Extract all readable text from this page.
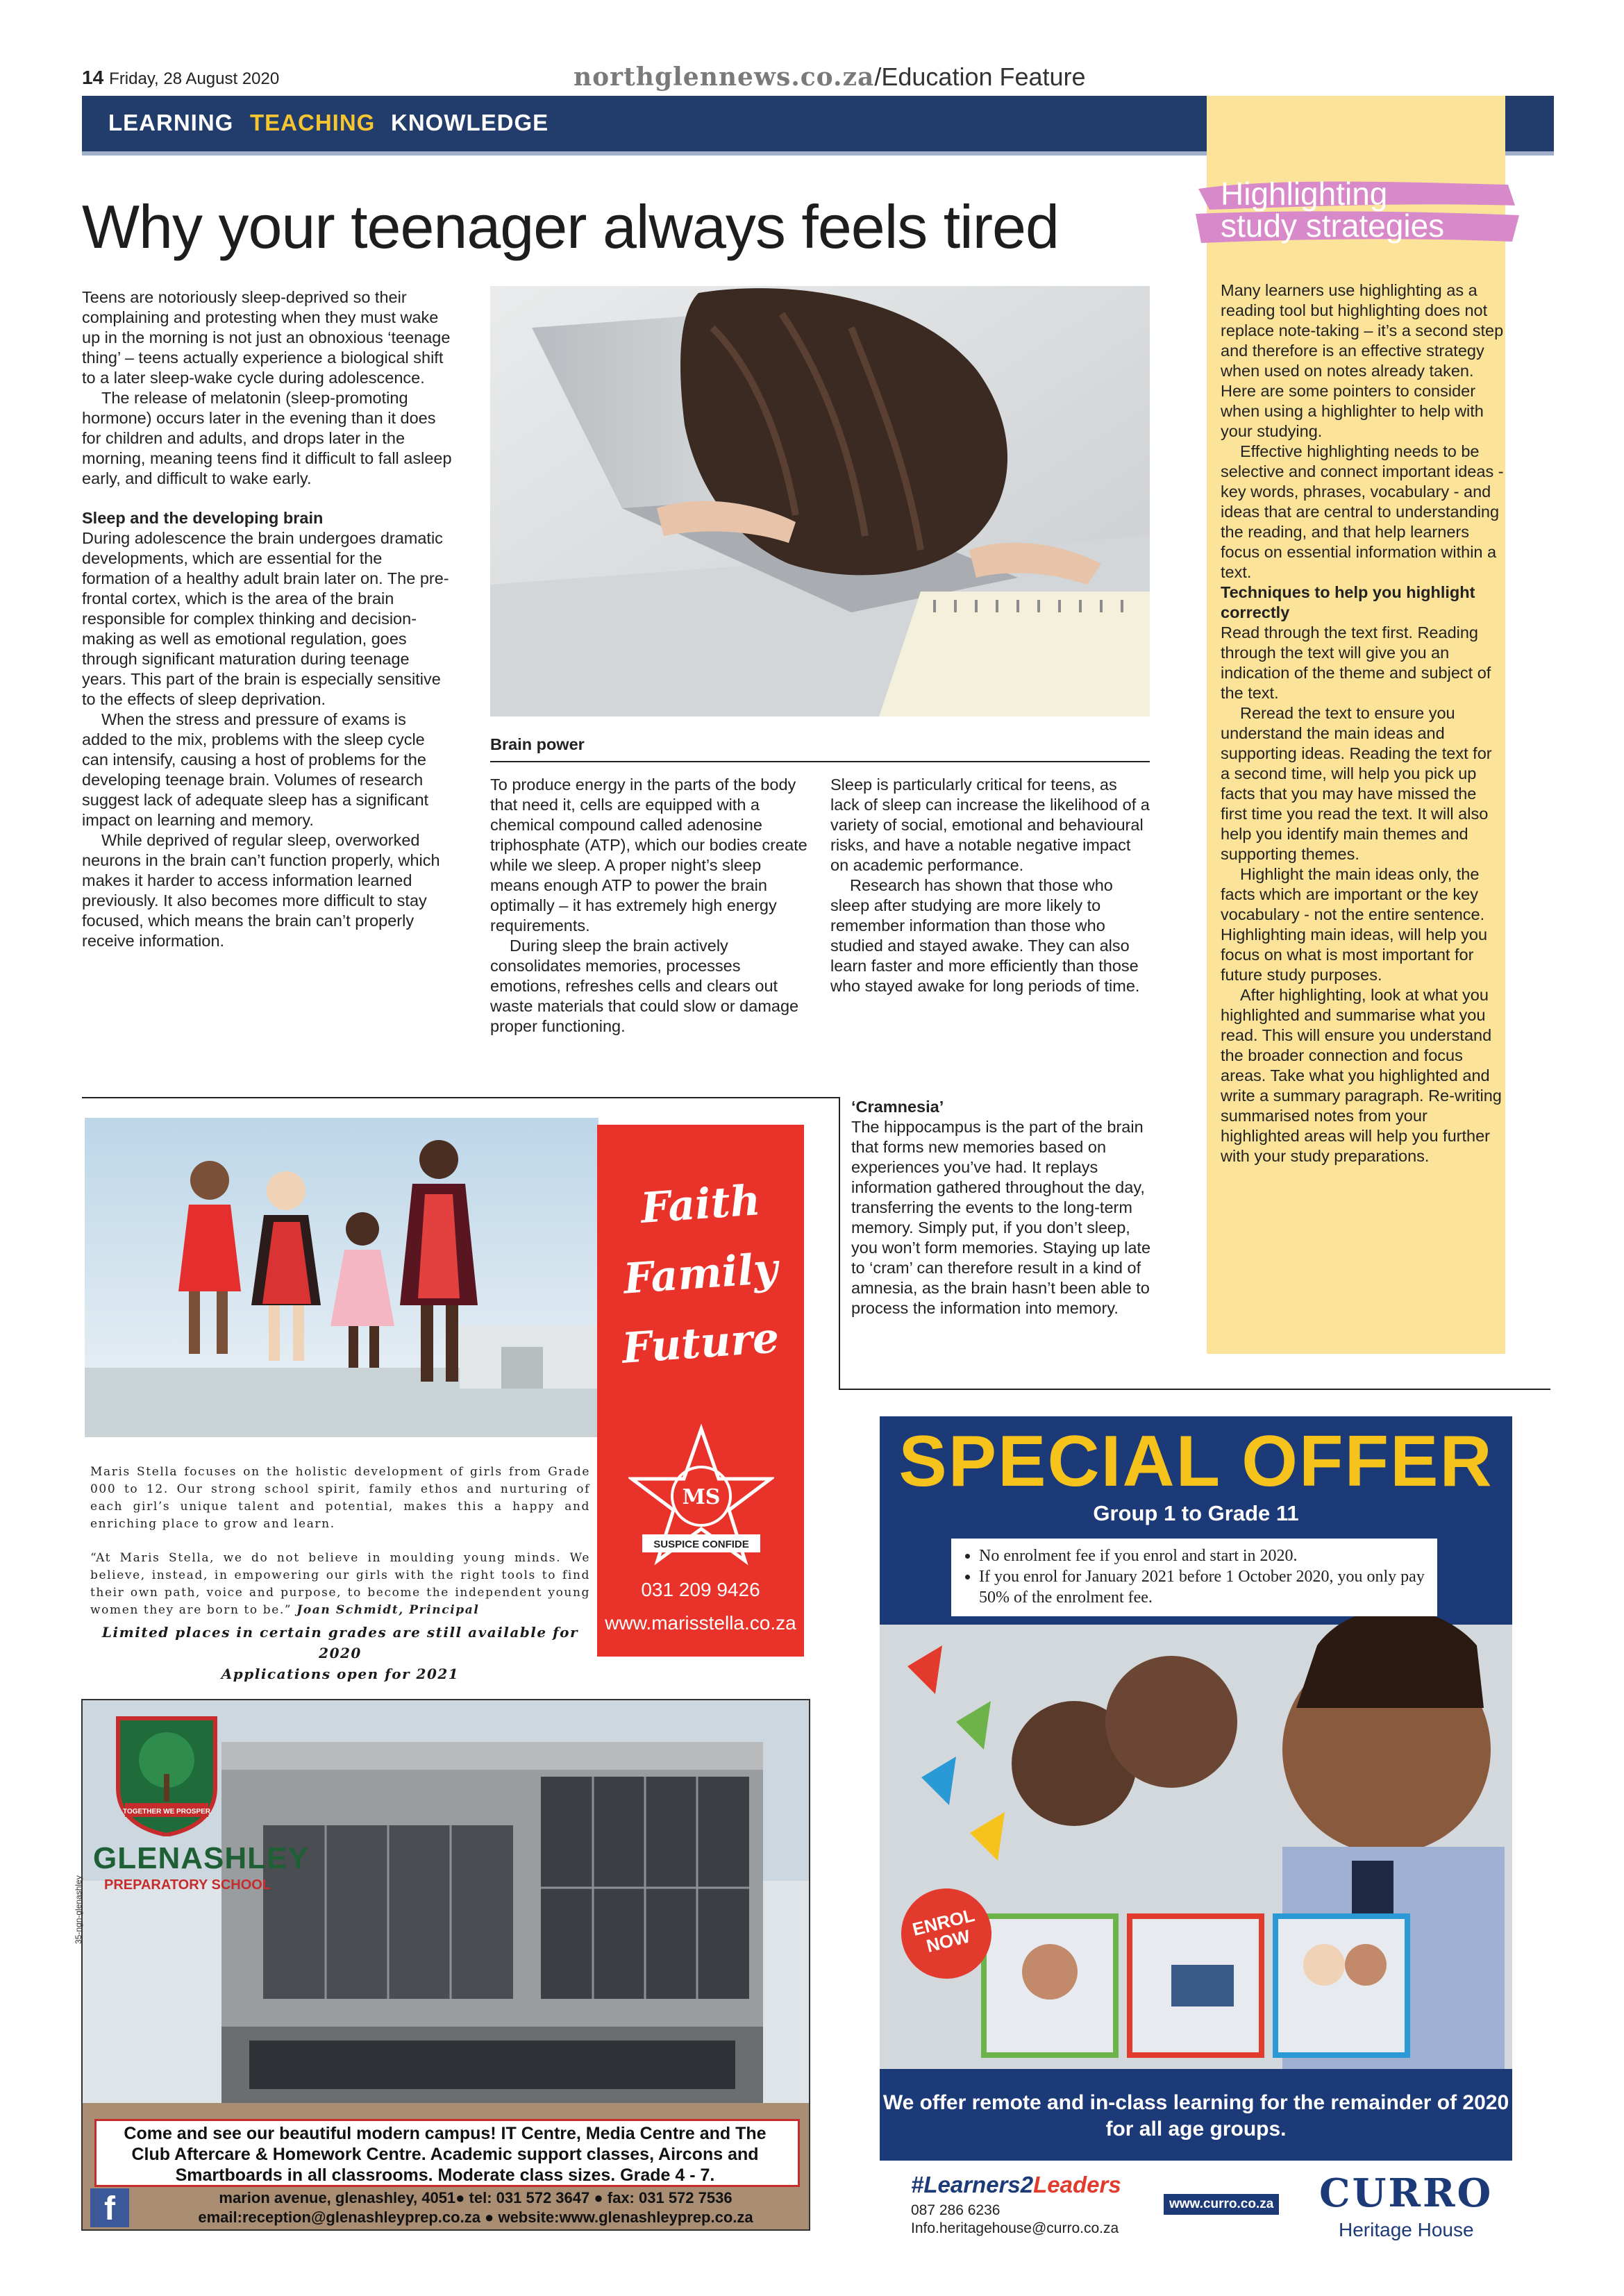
14 Friday, 28 August 2020	northglennews.co.za/Education Feature
LEARNING TEACHING KNOWLEDGE
Why your teenager always feels tired

Teens are notoriously sleep-deprived so their complaining and protesting when they must wake up in the morning is not just an obnoxious ‘teenage thing’ – teens actually experience a biological shift to a later sleep-wake cycle during adolescence.

The release of melatonin (sleep-promoting hormone) occurs later in the evening than it does for children and adults, and drops later in the morning, meaning teens find it difficult to fall asleep early, and difficult to wake early.

Sleep and the developing brain

During adolescence the brain undergoes dramatic developments, which are essential for the formation of a healthy adult brain later on. The pre-frontal cortex, which is the area of the brain responsible for complex thinking and decision-making as well as emotional regulation, goes through significant maturation during teenage years. This part of the brain is especially sensitive to the effects of sleep deprivation.

When the stress and pressure of exams is added to the mix, problems with the sleep cycle can intensify, causing a host of problems for the developing teenage brain. Volumes of research suggest lack of adequate sleep has a significant impact on learning and memory.

While deprived of regular sleep, overworked neurons in the brain can’t function properly, which makes it harder to access information learned previously. It also becomes more difficult to stay focused, which means the brain can’t properly receive information.

Brain power

To produce energy in the parts of the body that need it, cells are equipped with a chemical compound called adenosine triphosphate (ATP), which our bodies create while we sleep. A proper night’s sleep means enough ATP to power the brain optimally – it has extremely high energy requirements.

During sleep the brain actively consolidates memories, processes emotions, refreshes cells and clears out waste materials that could slow or damage proper functioning.

Sleep is particularly critical for teens, as lack of sleep can increase the likelihood of a variety of social, emotional and behavioural risks, and have a notable negative impact on academic performance.

Research has shown that those who sleep after studying are more likely to remember information than those who studied and stayed awake. They can also learn faster and more efficiently than those who stayed awake for long periods of time.

‘Cramnesia’

The hippocampus is the part of the brain that forms new memories based on experiences you’ve had. It replays information gathered throughout the day, transferring the events to the long-term memory. Simply put, if you don’t sleep, you won’t form memories. Staying up late to ‘cram’ can therefore result in a kind of amnesia, as the brain hasn’t been able to process the information into memory.

Highlighting
study strategies

Many learners use highlighting as a reading tool but highlighting does not replace note-taking – it’s a second step and therefore is an effective strategy when used on notes already taken. Here are some pointers to consider when using a highlighter to help with your studying.

Effective highlighting needs to be selective and connect important ideas - key words, phrases, vocabulary - and ideas that are central to understanding the reading, and that help learners focus on essential information within a text.

Techniques to help you highlight correctly

Read through the text first. Reading through the text will give you an indication of the theme and subject of the text.

Reread the text to ensure you understand the main ideas and supporting ideas. Reading the text for a second time, will help you pick up facts that you may have missed the first time you read the text. It will also help you identify main themes and supporting themes.

Highlight the main ideas only, the facts which are important or the key vocabulary - not the entire sentence. Highlighting main ideas, will help you focus on what is most important for future study purposes.

After highlighting, look at what you highlighted and summarise what you read. This will ensure you understand the broader connection and focus areas. Take what you highlighted and write a summary paragraph. Re-writing summarised notes from your highlighted areas will help you further with your study preparations.

Faith
Family
Future
MS
SUSPICE CONFIDE
031 209 9426
www.marisstella.co.za

Maris Stella focuses on the holistic development of girls from Grade 000 to 12. Our strong school spirit, family ethos and nurturing of each girl’s unique talent and potential, makes this a happy and enriching place to grow and learn.

“At Maris Stella, we do not believe in moulding young minds. We believe, instead, in empowering our girls with the right tools to find their own path, voice and purpose, to become the independent young women they are born to be.” Joan Schmidt, Principal

Limited places in certain grades are still available for 2020
Applications open for 2021
TOGETHER WE PROSPER
GLENASHLEY
PREPARATORY SCHOOL
35-ngn-glenashley
Come and see our beautiful modern campus! IT Centre, Media Centre and The Club Aftercare & Homework Centre. Academic support classes, Aircons and Smartboards in all classrooms. Moderate class sizes. Grade 4 - 7.
f	marion avenue, glenashley, 4051● tel: 031 572 3647 ● fax: 031 572 7536
email:reception@glenashleyprep.co.za ● website:www.glenashleyprep.co.za
SPECIAL OFFER
Group 1 to Grade 11
• No enrolment fee if you enrol and start in 2020.
• If you enrol for January 2021 before 1 October 2020, you only pay 50% of the enrolment fee.
ENROL NOW
We offer remote and in-class learning for the remainder of 2020 for all age groups.
#Learners2Leaders
087 286 6236
Info.heritagehouse@curro.co.za
www.curro.co.za CURRO
Heritage House
